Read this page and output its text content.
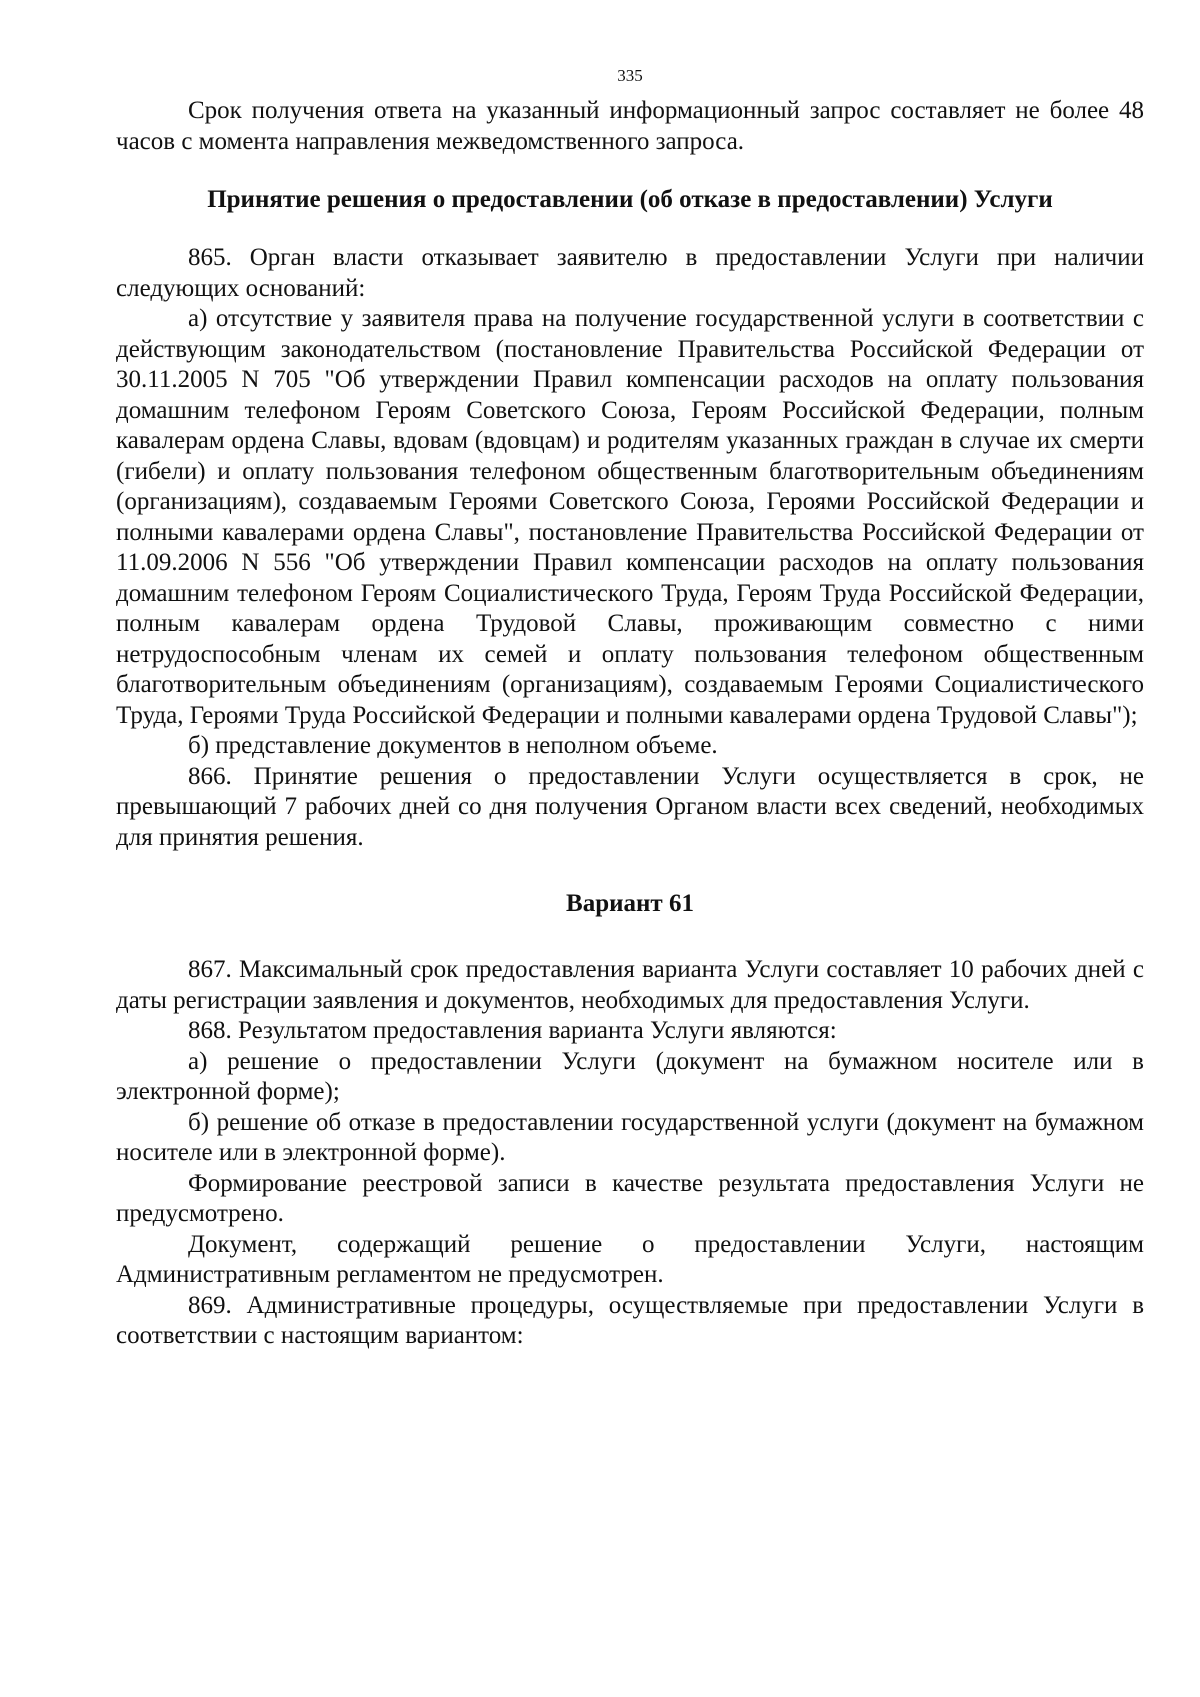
335

Срок получения ответа на указанный информационный запрос составляет не более 48 часов с момента направления межведомственного запроса.

Принятие решения о предоставлении (об отказе в предоставлении) Услуги

865. Орган власти отказывает заявителю в предоставлении Услуги при наличии следующих оснований:

а) отсутствие у заявителя права на получение государственной услуги в соответствии с действующим законодательством (постановление Правительства Российской Федерации от 30.11.2005 N 705 "Об утверждении Правил компенсации расходов на оплату пользования домашним телефоном Героям Советского Союза, Героям Российской Федерации, полным кавалерам ордена Славы, вдовам (вдовцам) и родителям указанных граждан в случае их смерти (гибели) и оплату пользования телефоном общественным благотворительным объединениям (организациям), создаваемым Героями Советского Союза, Героями Российской Федерации и полными кавалерами ордена Славы", постановление Правительства Российской Федерации от 11.09.2006 N 556 "Об утверждении Правил компенсации расходов на оплату пользования домашним телефоном Героям Социалистического Труда, Героям Труда Российской Федерации, полным кавалерам ордена Трудовой Славы, проживающим совместно с ними нетрудоспособным членам их семей и оплату пользования телефоном общественным благотворительным объединениям (организациям), создаваемым Героями Социалистического Труда, Героями Труда Российской Федерации и полными кавалерами ордена Трудовой Славы");

б) представление документов в неполном объеме.

866. Принятие решения о предоставлении Услуги осуществляется в срок, не превышающий 7 рабочих дней со дня получения Органом власти всех сведений, необходимых для принятия решения.

Вариант 61

867. Максимальный срок предоставления варианта Услуги составляет 10 рабочих дней с даты регистрации заявления и документов, необходимых для предоставления Услуги.

868. Результатом предоставления варианта Услуги являются:

а) решение о предоставлении Услуги (документ на бумажном носителе или в электронной форме);

б) решение об отказе в предоставлении государственной услуги (документ на бумажном носителе или в электронной форме).

Формирование реестровой записи в качестве результата предоставления Услуги не предусмотрено.

Документ, содержащий решение о предоставлении Услуги, настоящим Административным регламентом не предусмотрен.

869. Административные процедуры, осуществляемые при предоставлении Услуги в соответствии с настоящим вариантом:
